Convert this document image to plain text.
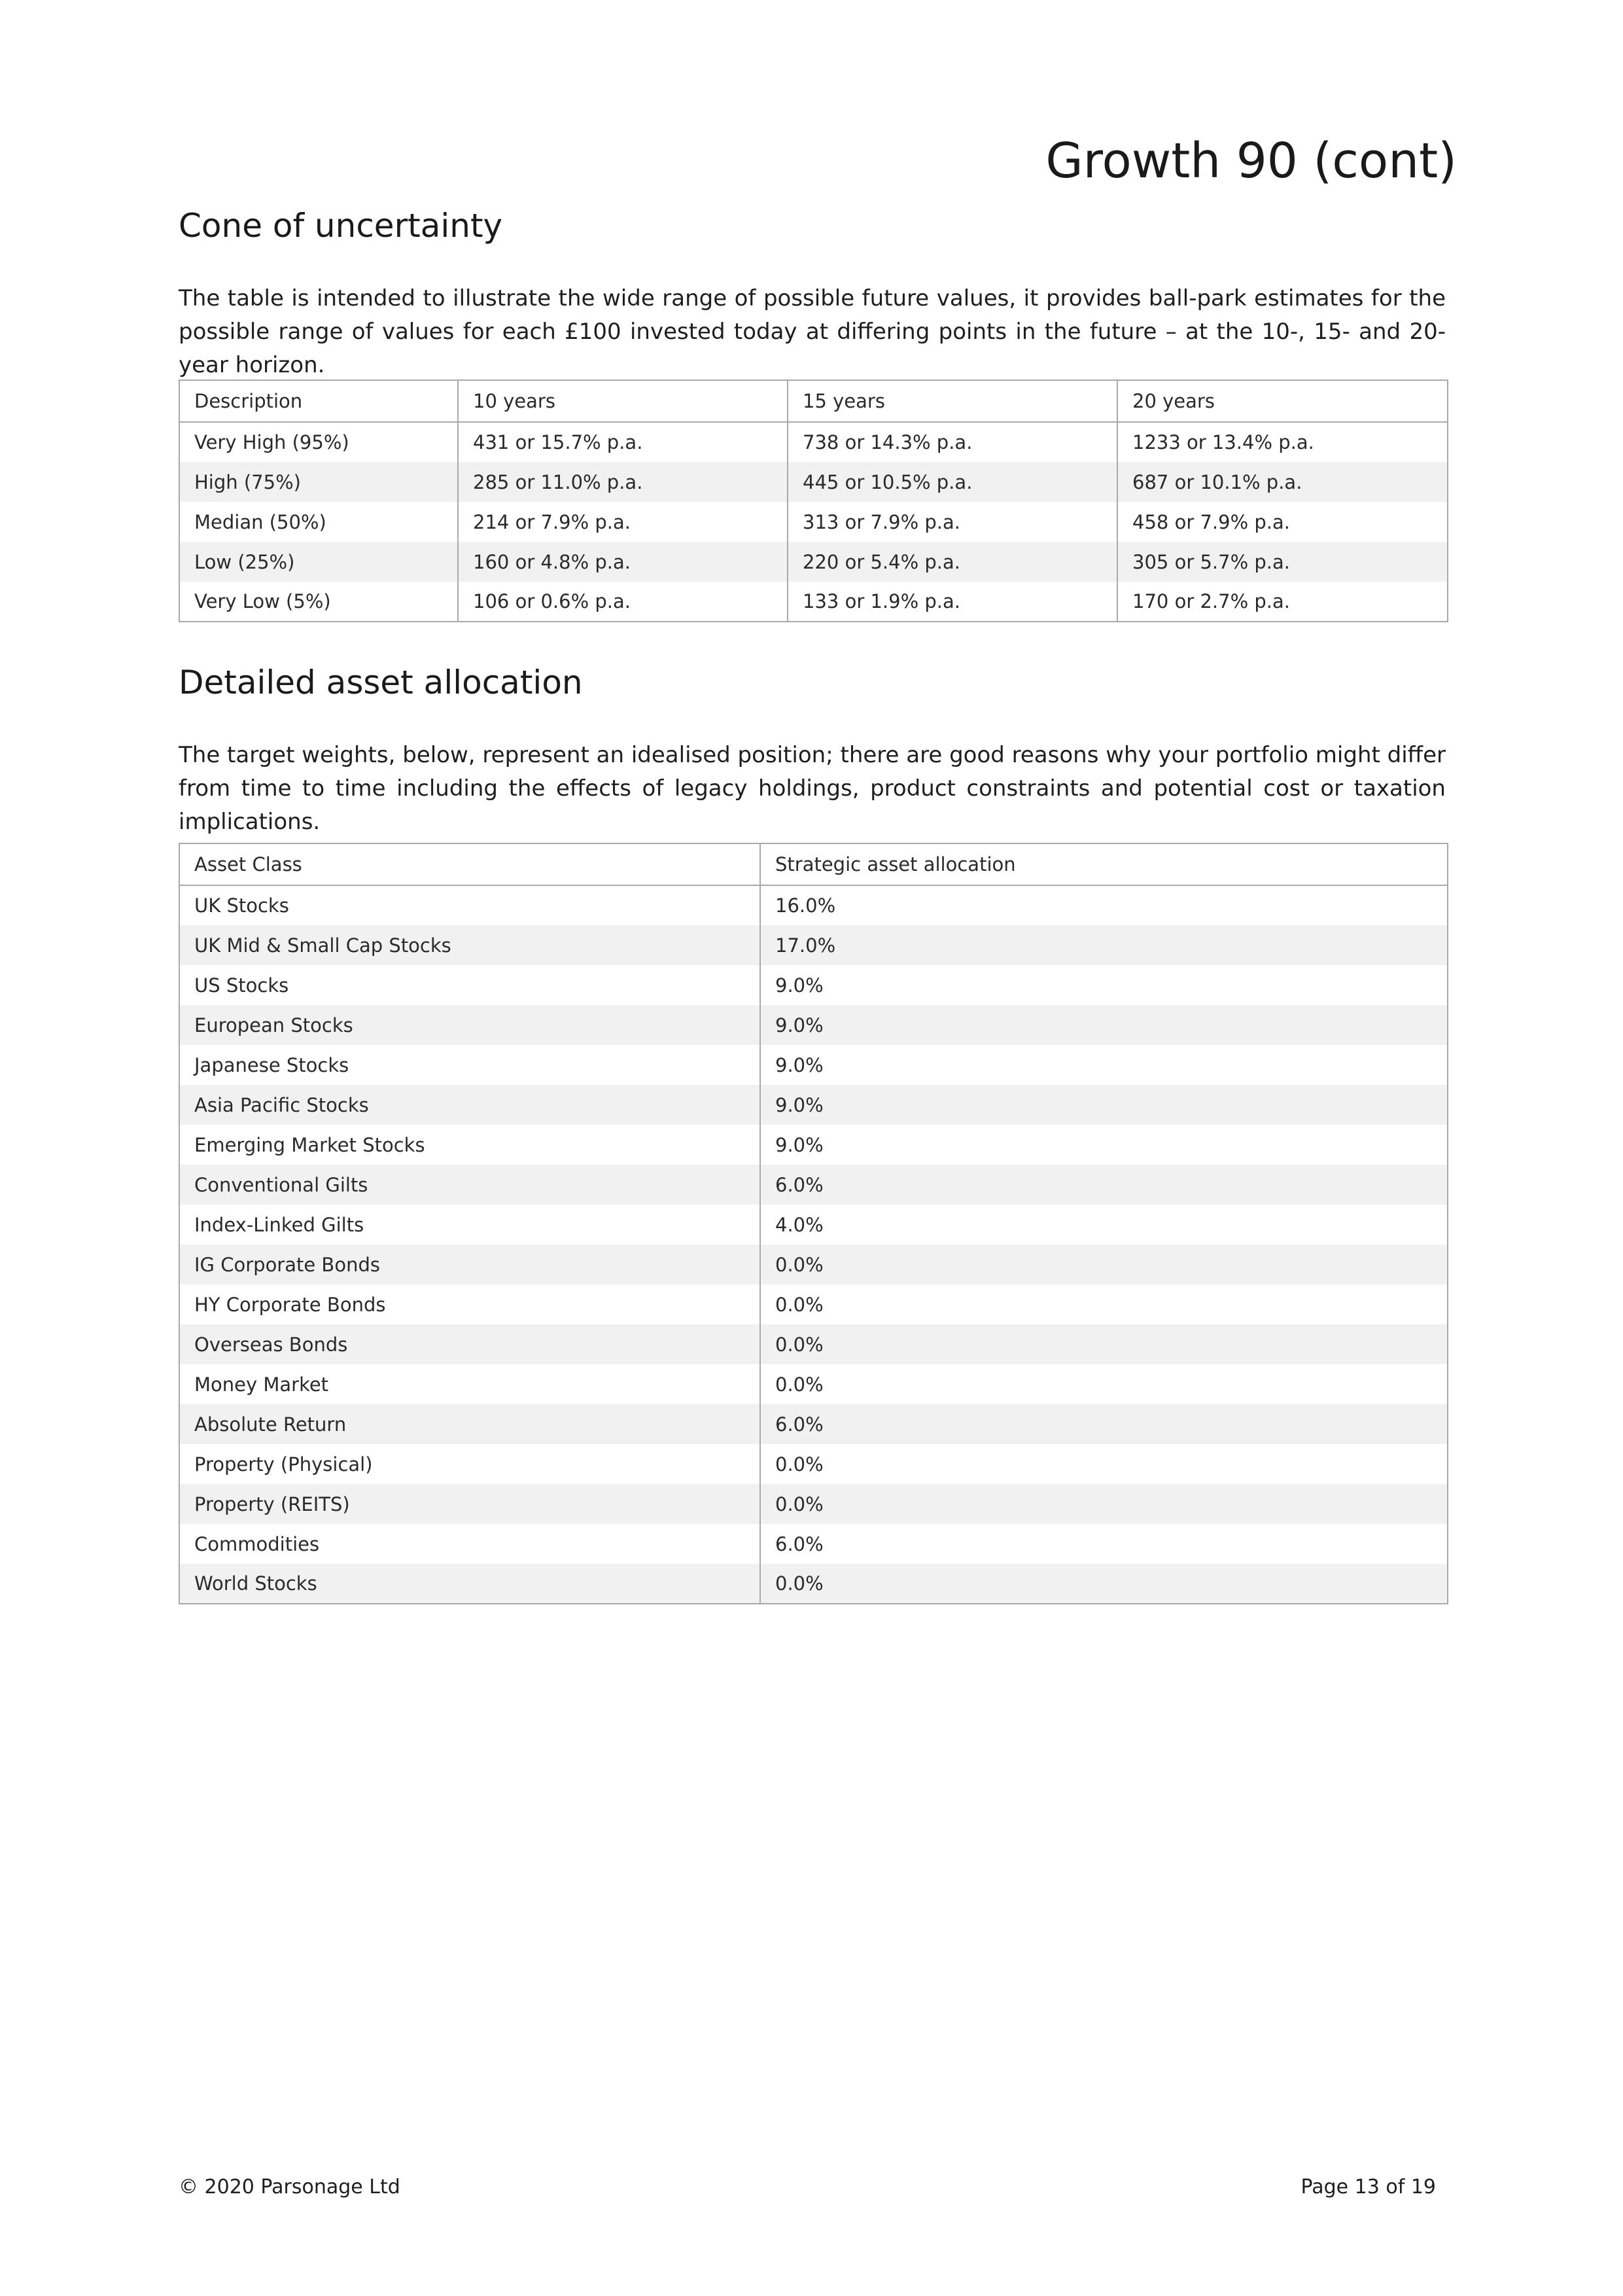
Growth 90 (cont)
Cone of uncertainty

The table is intended to illustrate the wide range of possible future values, it provides ball-park estimates for the possible range of values for each £100 invested today at differing points in the future – at the 10-, 15- and 20-year horizon.

Description	10 years	15 years	20 years
Very High (95%)	431 or 15.7% p.a.	738 or 14.3% p.a.	1233 or 13.4% p.a.
High (75%)	285 or 11.0% p.a.	445 or 10.5% p.a.	687 or 10.1% p.a.
Median (50%)	214 or 7.9% p.a.	313 or 7.9% p.a.	458 or 7.9% p.a.
Low (25%)	160 or 4.8% p.a.	220 or 5.4% p.a.	305 or 5.7% p.a.
Very Low (5%)	106 or 0.6% p.a.	133 or 1.9% p.a.	170 or 2.7% p.a.
Detailed asset allocation

The target weights, below, represent an idealised position; there are good reasons why your portfolio might differ from time to time including the effects of legacy holdings, product constraints and potential cost or taxation implications.

Asset Class	Strategic asset allocation
UK Stocks	16.0%
UK Mid & Small Cap Stocks	17.0%
US Stocks	9.0%
European Stocks	9.0%
Japanese Stocks	9.0%
Asia Pacific Stocks	9.0%
Emerging Market Stocks	9.0%
Conventional Gilts	6.0%
Index-Linked Gilts	4.0%
IG Corporate Bonds	0.0%
HY Corporate Bonds	0.0%
Overseas Bonds	0.0%
Money Market	0.0%
Absolute Return	6.0%
Property (Physical)	0.0%
Property (REITS)	0.0%
Commodities	6.0%
World Stocks	0.0%
© 2020 Parsonage Ltd	Page 13 of 19
